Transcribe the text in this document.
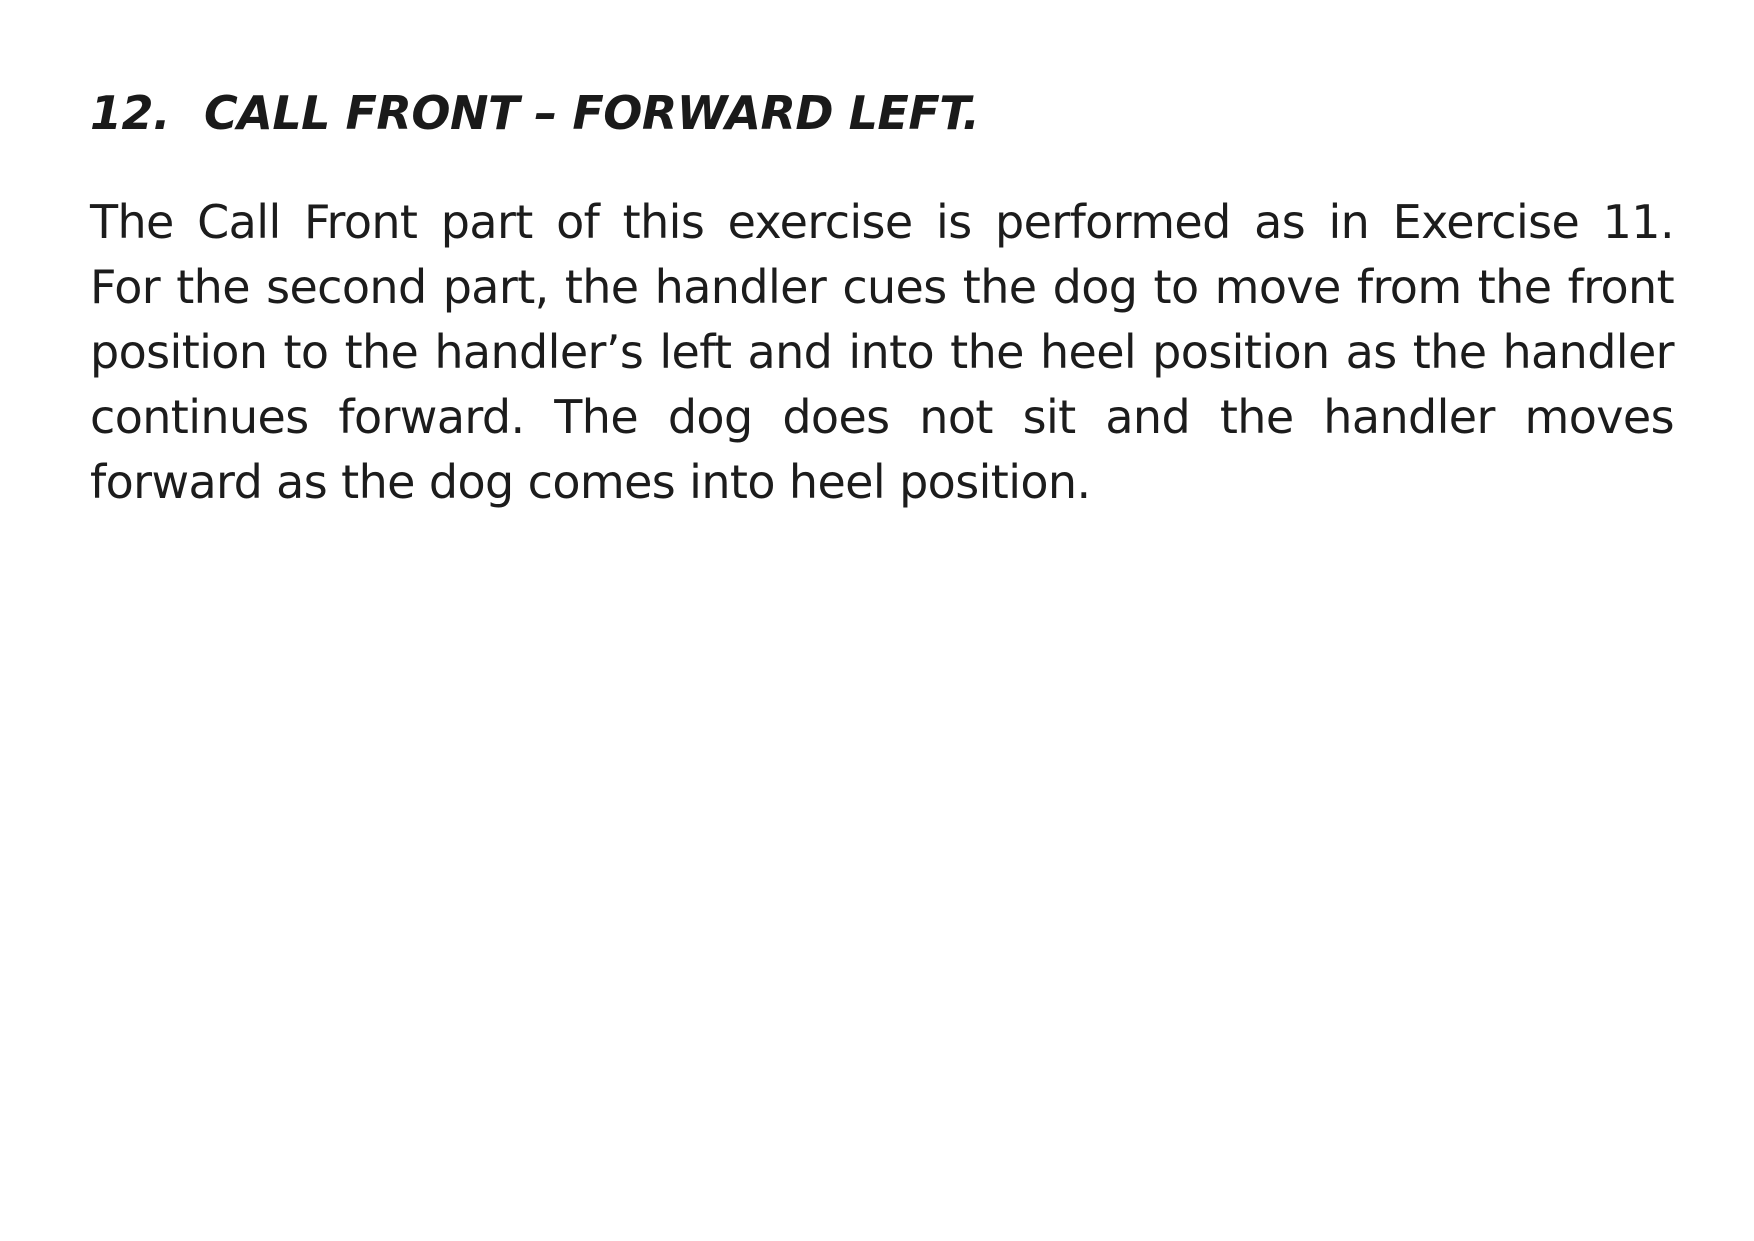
12. CALL FRONT – FORWARD LEFT.

The Call Front part of this exercise is performed as in Exercise 11.
For the second part, the handler cues the dog to move from the front
position to the handler’s left and into the heel position as the handler
continues forward. The dog does not sit and the handler moves
forward as the dog comes into heel position.
